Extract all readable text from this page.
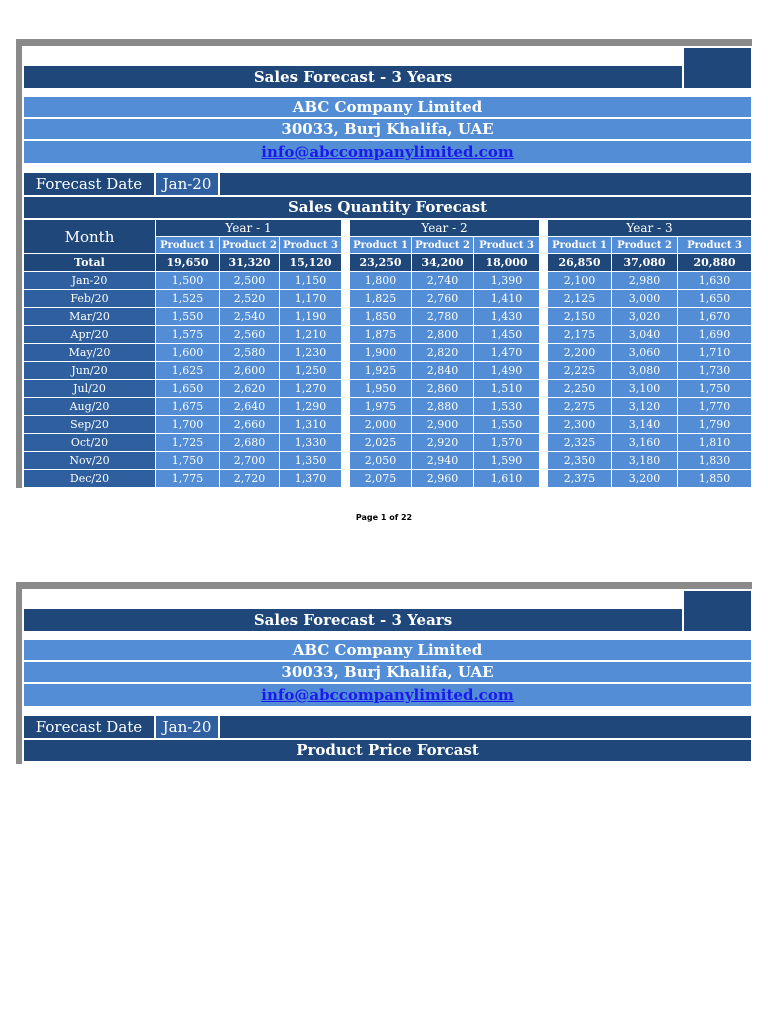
Sales Forecast - 3 Years
ABC Company Limited
30033, Burj Khalifa, UAE
info@abccompanylimited.com
Forecast Date	Jan-20
Sales Quantity Forecast
Month	Year - 1				Year - 2				Year - 3		
	Product 1	Product 2	Product 3		Product 1	Product 2	Product 3		Product 1	Product 2	Product 3
Total	19,650	31,320	15,120		23,250	34,200	18,000		26,850	37,080	20,880
Jan-20	1,500	2,500	1,150		1,800	2,740	1,390		2,100	2,980	1,630
Feb/20	1,525	2,520	1,170		1,825	2,760	1,410		2,125	3,000	1,650
Mar/20	1,550	2,540	1,190		1,850	2,780	1,430		2,150	3,020	1,670
Apr/20	1,575	2,560	1,210		1,875	2,800	1,450		2,175	3,040	1,690
May/20	1,600	2,580	1,230		1,900	2,820	1,470		2,200	3,060	1,710
Jun/20	1,625	2,600	1,250		1,925	2,840	1,490		2,225	3,080	1,730
Jul/20	1,650	2,620	1,270		1,950	2,860	1,510		2,250	3,100	1,750
Aug/20	1,675	2,640	1,290		1,975	2,880	1,530		2,275	3,120	1,770
Sep/20	1,700	2,660	1,310		2,000	2,900	1,550		2,300	3,140	1,790
Oct/20	1,725	2,680	1,330		2,025	2,920	1,570		2,325	3,160	1,810
Nov/20	1,750	2,700	1,350		2,050	2,940	1,590		2,350	3,180	1,830
Dec/20	1,775	2,720	1,370		2,075	2,960	1,610		2,375	3,200	1,850
Page 1 of 22
Sales Forecast - 3 Years
ABC Company Limited
30033, Burj Khalifa, UAE
info@abccompanylimited.com
Forecast Date	Jan-20
Product Price Forcast
